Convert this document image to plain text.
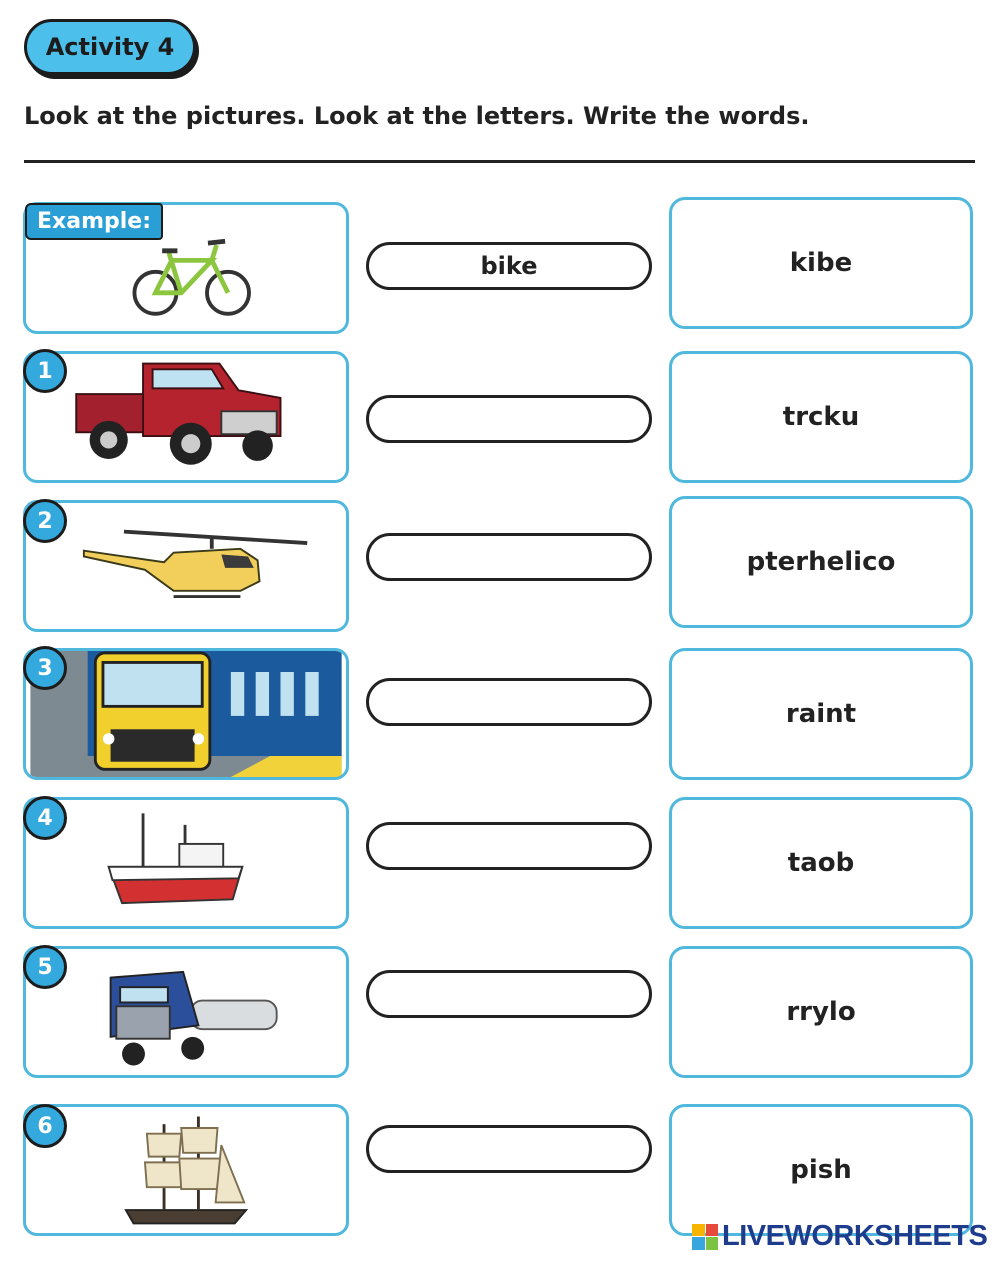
Activity 4
Look at the pictures. Look at the letters. Write the words.
Example:
bike	kibe
1
trcku
2
pterhelico
3
raint
4
taob
5
rrylo
6
pish
LIVEWORKSHEETS
